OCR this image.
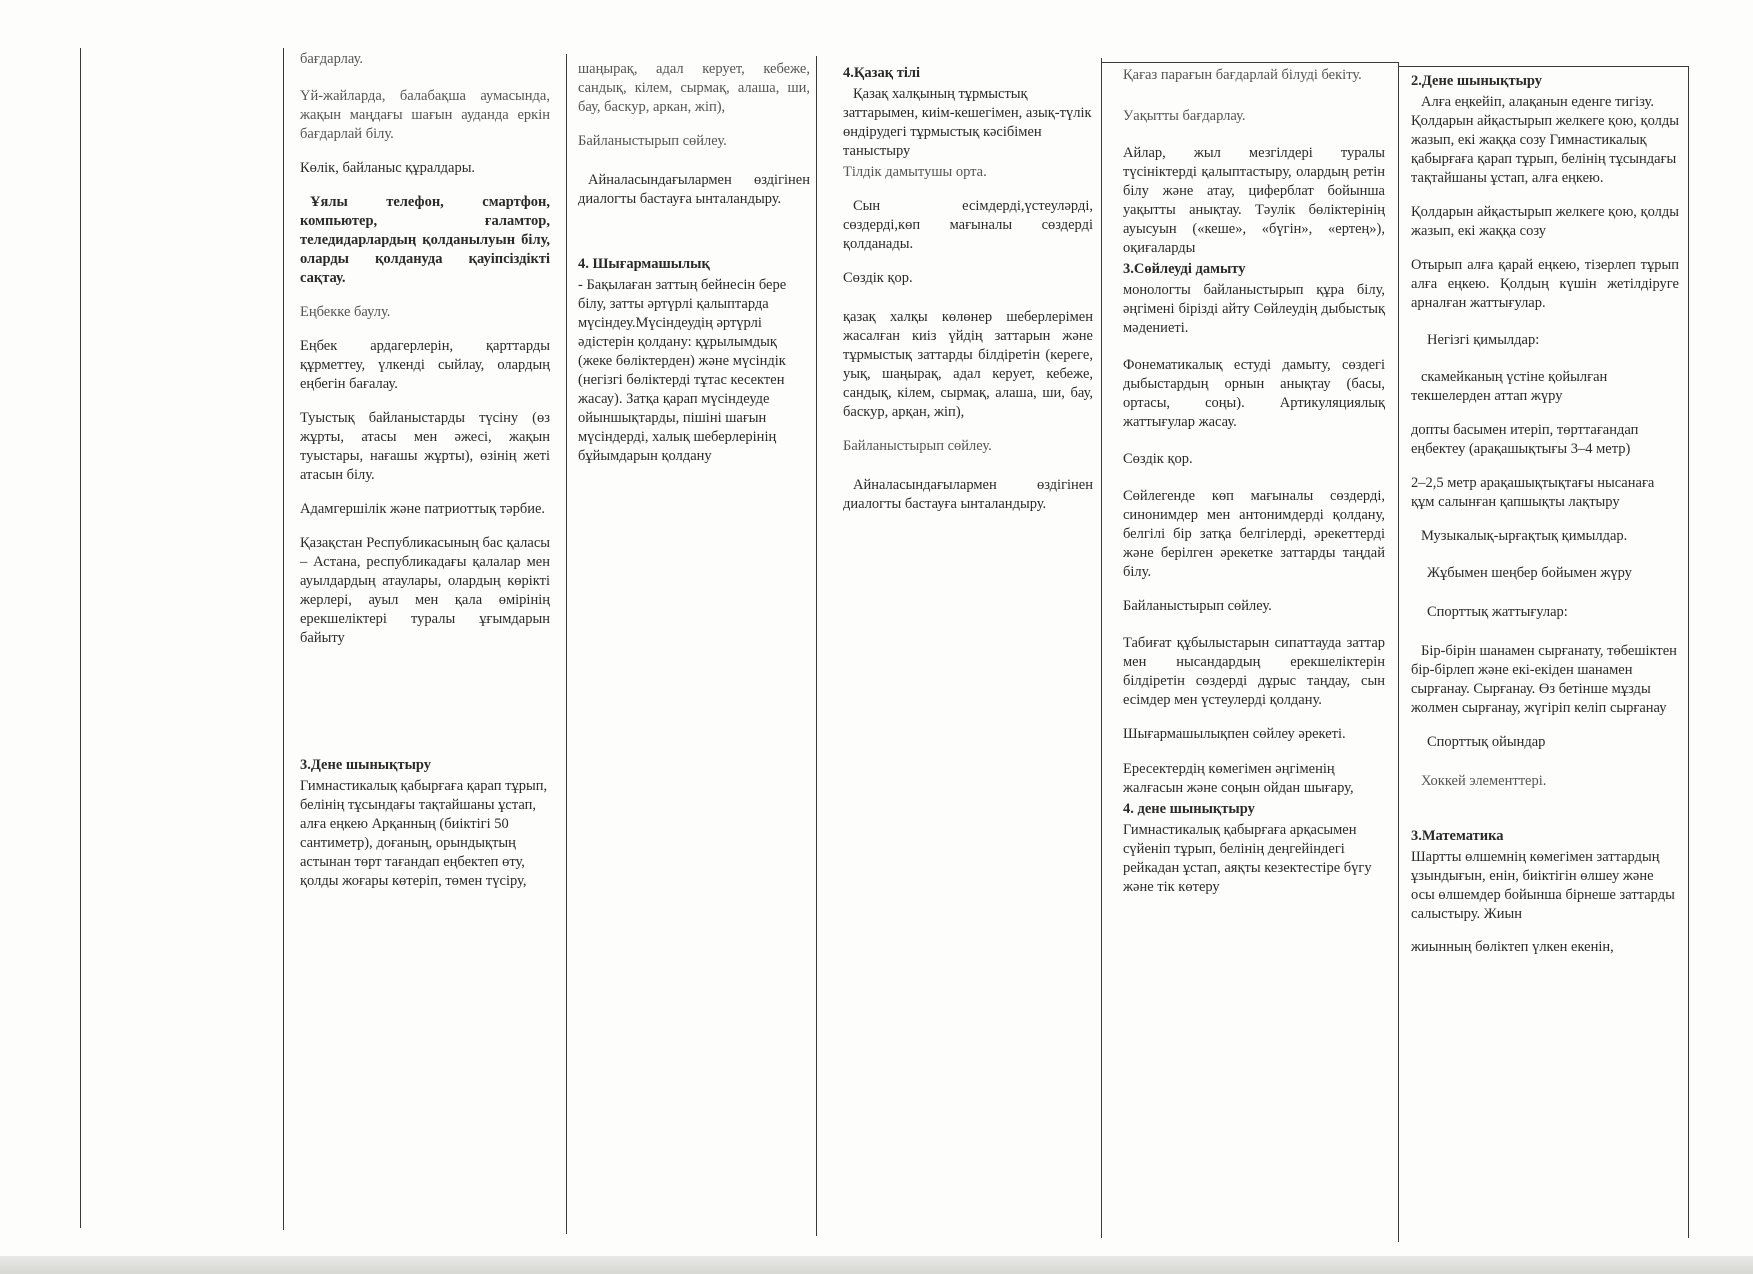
бағдарлау.

Үй-жайларда, балабақша аумасында, жақын маңдағы шағын ауданда еркін бағдарлай білу.

Көлік, байланыс құралдары.

Ұялы телефон, смартфон, компьютер, ғаламтор, теледидарлардың қолданылуын білу, оларды қолдануда қауіпсіздікті сақтау.

Еңбекке баулу.

Еңбек ардагерлерін, қарттарды құрметтеу, үлкенді сыйлау, олардың еңбегін бағалау.

Туыстық байланыстарды түсіну (өз жұрты, атасы мен әжесі, жақын туыстары, нағашы жұрты), өзінің жеті атасын білу.

Адамгершілік және патриоттық тәрбие.

Қазақстан Республикасының бас қаласы – Астана, республикадағы қалалар мен ауылдардың атаулары, олардың көрікті жерлері, ауыл мен қала өмірінің ерекшеліктері туралы ұғымдарын байыту

3.Дене шынықтыру

Гимнастикалық қабырғаға қарап тұрып, белінің тұсындағы тақтайшаны ұстап, алға еңкею Арқанның (биіктігі 50 сантиметр), доғаның, орындықтың астынан төрт тағандап еңбектеп өту, қолды жоғары көтеріп, төмен түсіру,

шаңырақ, адал керует, кебеже, сандық, кілем, сырмақ, алаша, ши, бау, баскур, аркан, жіп),

Байланыстырып сөйлеу.

Айналасындағылармен өздігінен диалогты бастауға ынталандыру.

4. Шығармашылық

- Бақылаған заттың бейнесін бере білу, затты әртүрлі қалыптарда мүсіндеу.Мүсіндеудің әртүрлі әдістерін қолдану: құрылымдық (жеке бөліктерден) және мүсіндік (негізгі бөліктерді тұтас кесектен жасау). Затқа қарап мүсіндеуде ойыншықтарды, пішіні шағын мүсіндерді, халық шеберлерінің бұйымдарын қолдану

4.Қазақ тілі

Қазақ халқының тұрмыстық заттарымен, киім-кешегімен, азық-түлік өндірудегі тұрмыстық кәсібімен таныстыру

Тілдік дамытушы орта.

Сын есімдерді,үстеуләрді, сөздерді,көп мағыналы сөздерді қолданады.

Сөздік қор.

қазақ халқы көлөнер шеберлерімен жасалған киіз үйдің заттарын және тұрмыстық заттарды білдіретін (керегe, уық, шаңырақ, адал керует, кебеже, сандық, кілем, сырмақ, алаша, ши, бау, баскур, арқан, жіп),

Байланыстырып сөйлеу.

Айналасындағылармен өздігінен диалогты бастауға ынталандыру.

Қағаз парағын бағдарлай білуді бекіту.

Уақытты бағдарлау.

Айлар, жыл мезгілдері туралы түсініктерді қалыптастыру, олардың ретін білу және атау, циферблат бойынша уақытты анықтау. Тәулік бөліктерінің ауысуын («кеше», «бүгін», «ертең»), оқиғаларды

3.Сөйлеуді дамыту

монологты байланыстырып құра білу, әңгімені бірізді айту Сөйлеудің дыбыстық мәдениеті.

Фонематикалық естуді дамыту, сөздегі дыбыстардың орнын анықтау (басы, ортасы, соңы). Артикуляциялық жаттығулар жасау.

Сөздік қор.

Сөйлегенде көп мағыналы сөздерді, синонимдер мен антонимдерді қолдану, белгілі бір затқа белгілерді, әрекеттерді және берілген әрекетке заттарды таңдай білу.

Байланыстырып сөйлеу.

Табиғат құбылыстарын сипаттауда заттар мен нысандардың ерекшеліктерін білдіретін сөздерді дұрыс таңдау, сын есімдер мен үстеулерді қолдану.

Шығармашылықпен сөйлеу әрекеті.

Ересектердің көмегімен әңгіменің жалғасын және соңын ойдан шығару,

4. дене шынықтыру

Гимнастикалық қабырғаға арқасымен сүйеніп тұрып, белінің деңгейіндегі рейкадан ұстап, аяқты кезектестіре бүгу және тік көтеру

2.Дене шынықтыру

Алға еңкейіп, алақанын еденге тигізу. Қолдарын айқастырып желкеге қою, қолды жазып, екі жаққа созу Гимнастикалық қабырғаға қарап тұрып, белінің тұсындағы тақтайшаны ұстап, алға еңкею.

Қолдарын айқастырып желкеге қою, қолды жазып, екі жаққа созу

Отырып алға қарай еңкею, тізерлеп тұрып алға еңкею. Қолдың күшін жетілдіруге арналған жаттығулар.

Негізгі қимылдар:

скамейканың үстіне қойылған текшелерден аттап жүру

допты басымен итеріп, төрттағандап еңбектеу (арақашықтығы 3–4 метр)

2–2,5 метр арақашықтықтағы нысанаға құм салынған қапшықты лақтыру

Музыкалық-ырғақтық қимылдар.

Жұбымен шеңбер бойымен жүру

Спорттық жаттығулар:

Бір-бірін шанамен сырғанату, төбешіктен бір-бірлеп және екі-екіден шанамен сырғанау. Сырғанау. Өз бетінше мұзды жолмен сырғанау, жүгіріп келіп сырғанау

Спорттық ойындар

Хоккей элементтері.

3.Математика

Шартты өлшемнің көмегімен заттардың ұзындығын, енін, биіктігін өлшеу және осы өлшемдер бойынша бірнеше заттарды салыстыру. Жиын

жиынның бөліктеп үлкен екенін,
